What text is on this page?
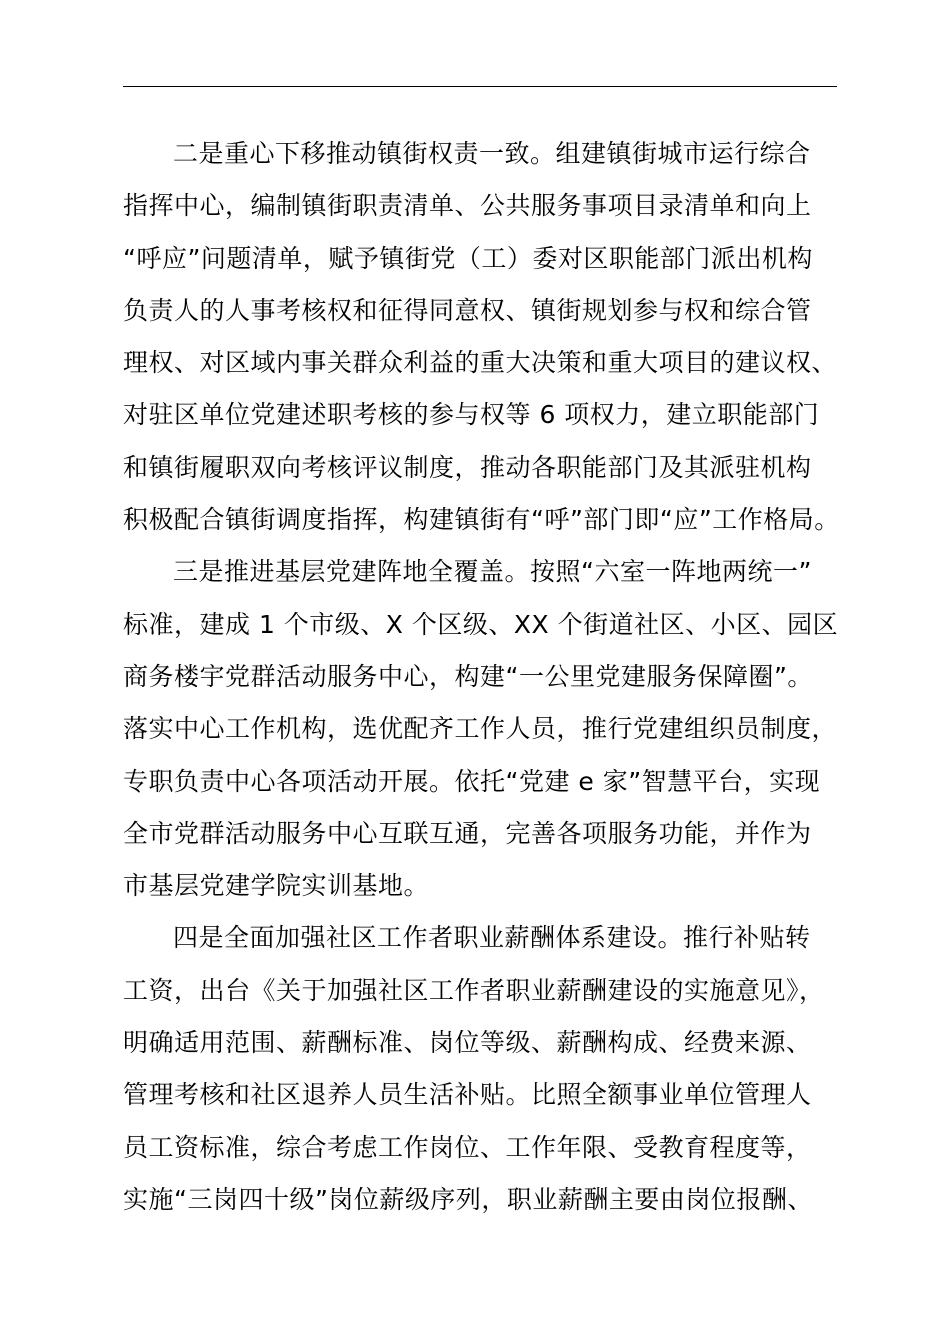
二是重心下移推动镇街权责一致。组建镇街城市运行综合
指挥中心，编制镇街职责清单、公共服务事项目录清单和向上
“呼应”问题清单，赋予镇街党（工）委对区职能部门派出机构
负责人的人事考核权和征得同意权、镇街规划参与权和综合管
理权、对区域内事关群众利益的重大决策和重大项目的建议权、
对驻区单位党建述职考核的参与权等 6 项权力，建立职能部门
和镇街履职双向考核评议制度，推动各职能部门及其派驻机构
积极配合镇街调度指挥，构建镇街有“呼”部门即“应”工作格局。
三是推进基层党建阵地全覆盖。按照“六室一阵地两统一”
标准，建成 1 个市级、X 个区级、XX 个街道社区、小区、园区
商务楼宇党群活动服务中心，构建“一公里党建服务保障圈”。
落实中心工作机构，选优配齐工作人员，推行党建组织员制度，
专职负责中心各项活动开展。依托“党建 e 家”智慧平台，实现
全市党群活动服务中心互联互通，完善各项服务功能，并作为
市基层党建学院实训基地。
四是全面加强社区工作者职业薪酬体系建设。推行补贴转
工资，出台《关于加强社区工作者职业薪酬建设的实施意见》，
明确适用范围、薪酬标准、岗位等级、薪酬构成、经费来源、
管理考核和社区退养人员生活补贴。比照全额事业单位管理人
员工资标准，综合考虑工作岗位、工作年限、受教育程度等，
实施“三岗四十级”岗位薪级序列，职业薪酬主要由岗位报酬、
